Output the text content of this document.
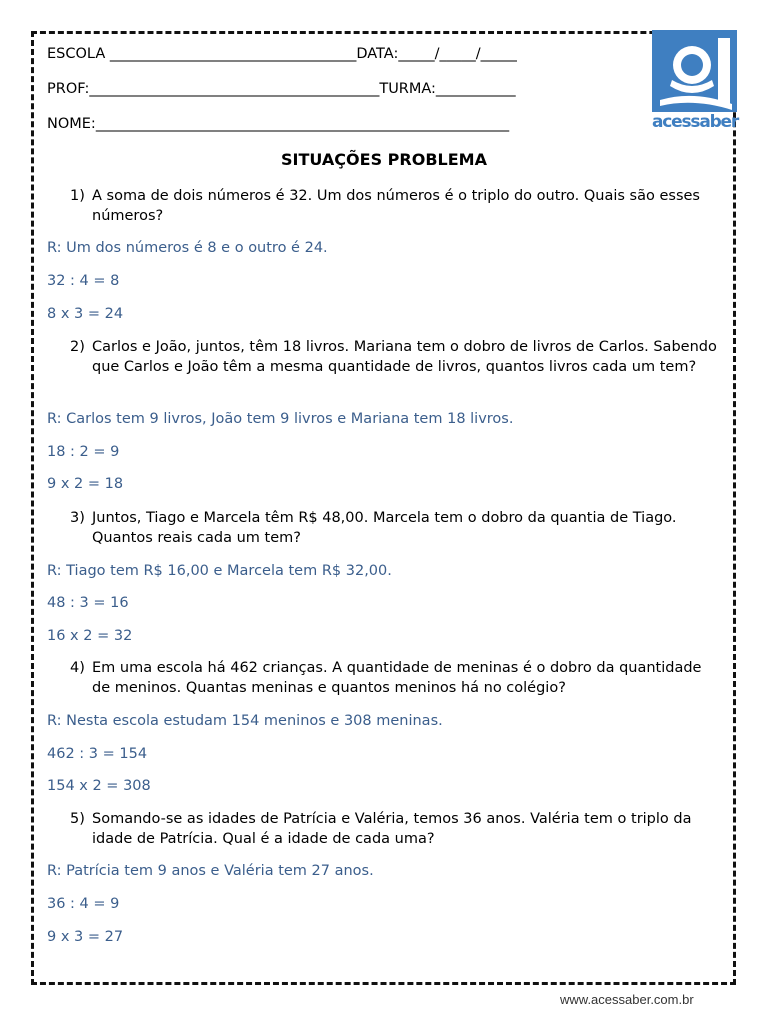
ESCOLA __________________________________DATA:_____/_____/_____
PROF:________________________________________TURMA:___________
NOME:_________________________________________________________	acessaber
SITUAÇÕES PROBLEMA
1) A soma de dois números é 32. Um dos números é o triplo do outro. Quais são esses números?
R: Um dos números é 8 e o outro é 24.
32 : 4 = 8
8 x 3 = 24
2) Carlos e João, juntos, têm 18 livros. Mariana tem o dobro de livros de Carlos. Sabendo que Carlos e João têm a mesma quantidade de livros, quantos livros cada um tem?
R: Carlos tem 9 livros, João tem 9 livros e Mariana tem 18 livros.
18 : 2 = 9
9 x 2 = 18
3) Juntos, Tiago e Marcela têm R$ 48,00. Marcela tem o dobro da quantia de Tiago. Quantos reais cada um tem?
R: Tiago tem R$ 16,00 e Marcela tem R$ 32,00.
48 : 3 = 16
16 x 2 = 32
4) Em uma escola há 462 crianças. A quantidade de meninas é o dobro da quantidade de meninos. Quantas meninas e quantos meninos há no colégio?
R: Nesta escola estudam 154 meninos e 308 meninas.
462 : 3 = 154
154 x 2 = 308
5) Somando-se as idades de Patrícia e Valéria, temos 36 anos. Valéria tem o triplo da idade de Patrícia. Qual é a idade de cada uma?
R: Patrícia tem 9 anos e Valéria tem 27 anos.
36 : 4 = 9
9 x 3 = 27
www.acessaber.com.br
